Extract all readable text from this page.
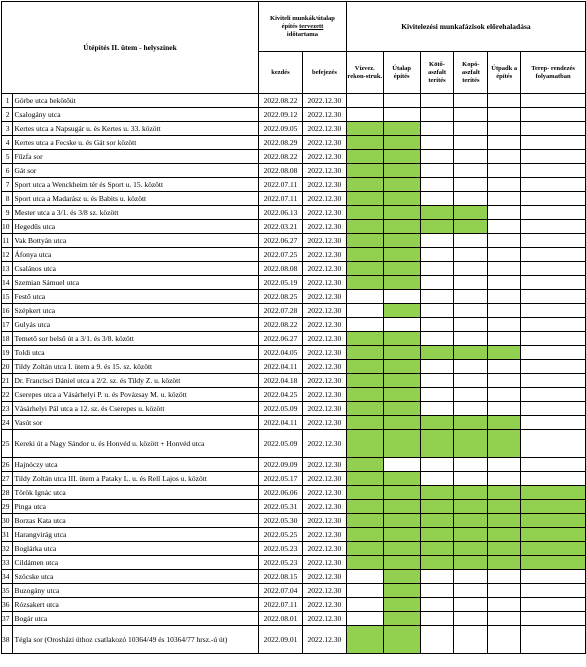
Útépítés II. ütem - helyszínek		Kivitelí munkák/útalap
építés tervezett
időtartama		Kivitelezési munkafázisok előrehaladása					
		kezdés	befejezés	Vízvez. rekon-struk.	Útalap építés	Kötő-aszfalt terítés	Kopó-aszfalt terítés	Útpadk a építés	Terep- rendezés folyamatban
1	Görbe utca bekötőút	2022.08.22	2022.12.30						
2	Csalogány utca	2022.09.12	2022.12.30						
3	Kertes utca a Napsugár u. és Kertes u. 33. között	2022.09.05	2022.12.30						
4	Kertes utca a Fecske u. és Gát sor között	2022.08.29	2022.12.30						
5	Fűzfa sor	2022.08.22	2022.12.30						
6	Gát sor	2022.08.08	2022.12.30						
7	Sport utca a Wenckheim tér és Sport u. 15. között	2022.07.11	2022.12.30						
8	Sport utca a Madarász u. és Babits u. között	2022.07.11	2022.12.30						
9	Mester utca a 3/1. és 3/8 sz. között	2022.06.13	2022.12.30						
10	Hegedűs utca	2022.03.21	2022.12.30						
11	Vak Bottyán utca	2022.06.27	2022.12.30						
12	Áfonya utca	2022.07.25	2022.12.30						
13	Csalános utca	2022.08.08	2022.12.30						
14	Szemian Sámuel utca	2022.05.19	2022.12.30						
15	Festő utca	2022.08.25	2022.12.30						
16	Szépkert utca	2022.07.28	2022.12.30						
17	Gulyás utca	2022.08.22	2022.12.30						
18	Temető sor belső út a 3/1. és 3/8. között	2022.06.27	2022.12.30						
19	Toldi utca	2022.04.05	2022.12.30						
20	Tildy Zoltán utca I. ütem a 9. és 15. sz. között	2022.04.11	2022.12.30						
21	Dr. Francisci Dániel utca a 2/2. sz. és Tildy Z. u. között	2022.04.18	2022.12.30						
22	Cserepes utca a Vásárhelyi P. u. és Povázsay M. u. között	2022.04.25	2022.12.30						
23	Vásárhelyi Pál utca a 12. sz. és Cserepes u. között	2022.05.09	2022.12.30						
24	Vasút sor	2022.04.11	2022.12.30						
25	Kereki út a Nagy Sándor u. és Honvéd u. között + Honvéd utca	2022.05.09	2022.12.30						
26	Hajnóczy utca	2022.09.09	2022.12.30						
27	Tildy Zoltán utca III. ütem a Pataky L. u. és Rell Lajos u. között	2022.05.17	2022.12.30						
28	Török Ignác utca	2022.06.06	2022.12.30						
29	Pinga utca	2022.05.31	2022.12.30						
30	Borzas Kata utca	2022.05.30	2022.12.30						
31	Harangvirág utca	2022.05.25	2022.12.30						
32	Boglárka utca	2022.05.23	2022.12.30						
33	Cildámen utca	2022.05.23	2022.12.30						
34	Szöcske utca	2022.08.15	2022.12.30						
35	Buzogány utca	2022.07.04	2022.12.30						
36	Rózsakert utca	2022.07.11	2022.12.30						
37	Bogár utca	2022.08.01	2022.12.30						
38	Tégla sor (Orosházi úthoz csatlakozó 10364/49 és 10364/77 hrsz.-ú út)	2022.09.01	2022.12.30						
